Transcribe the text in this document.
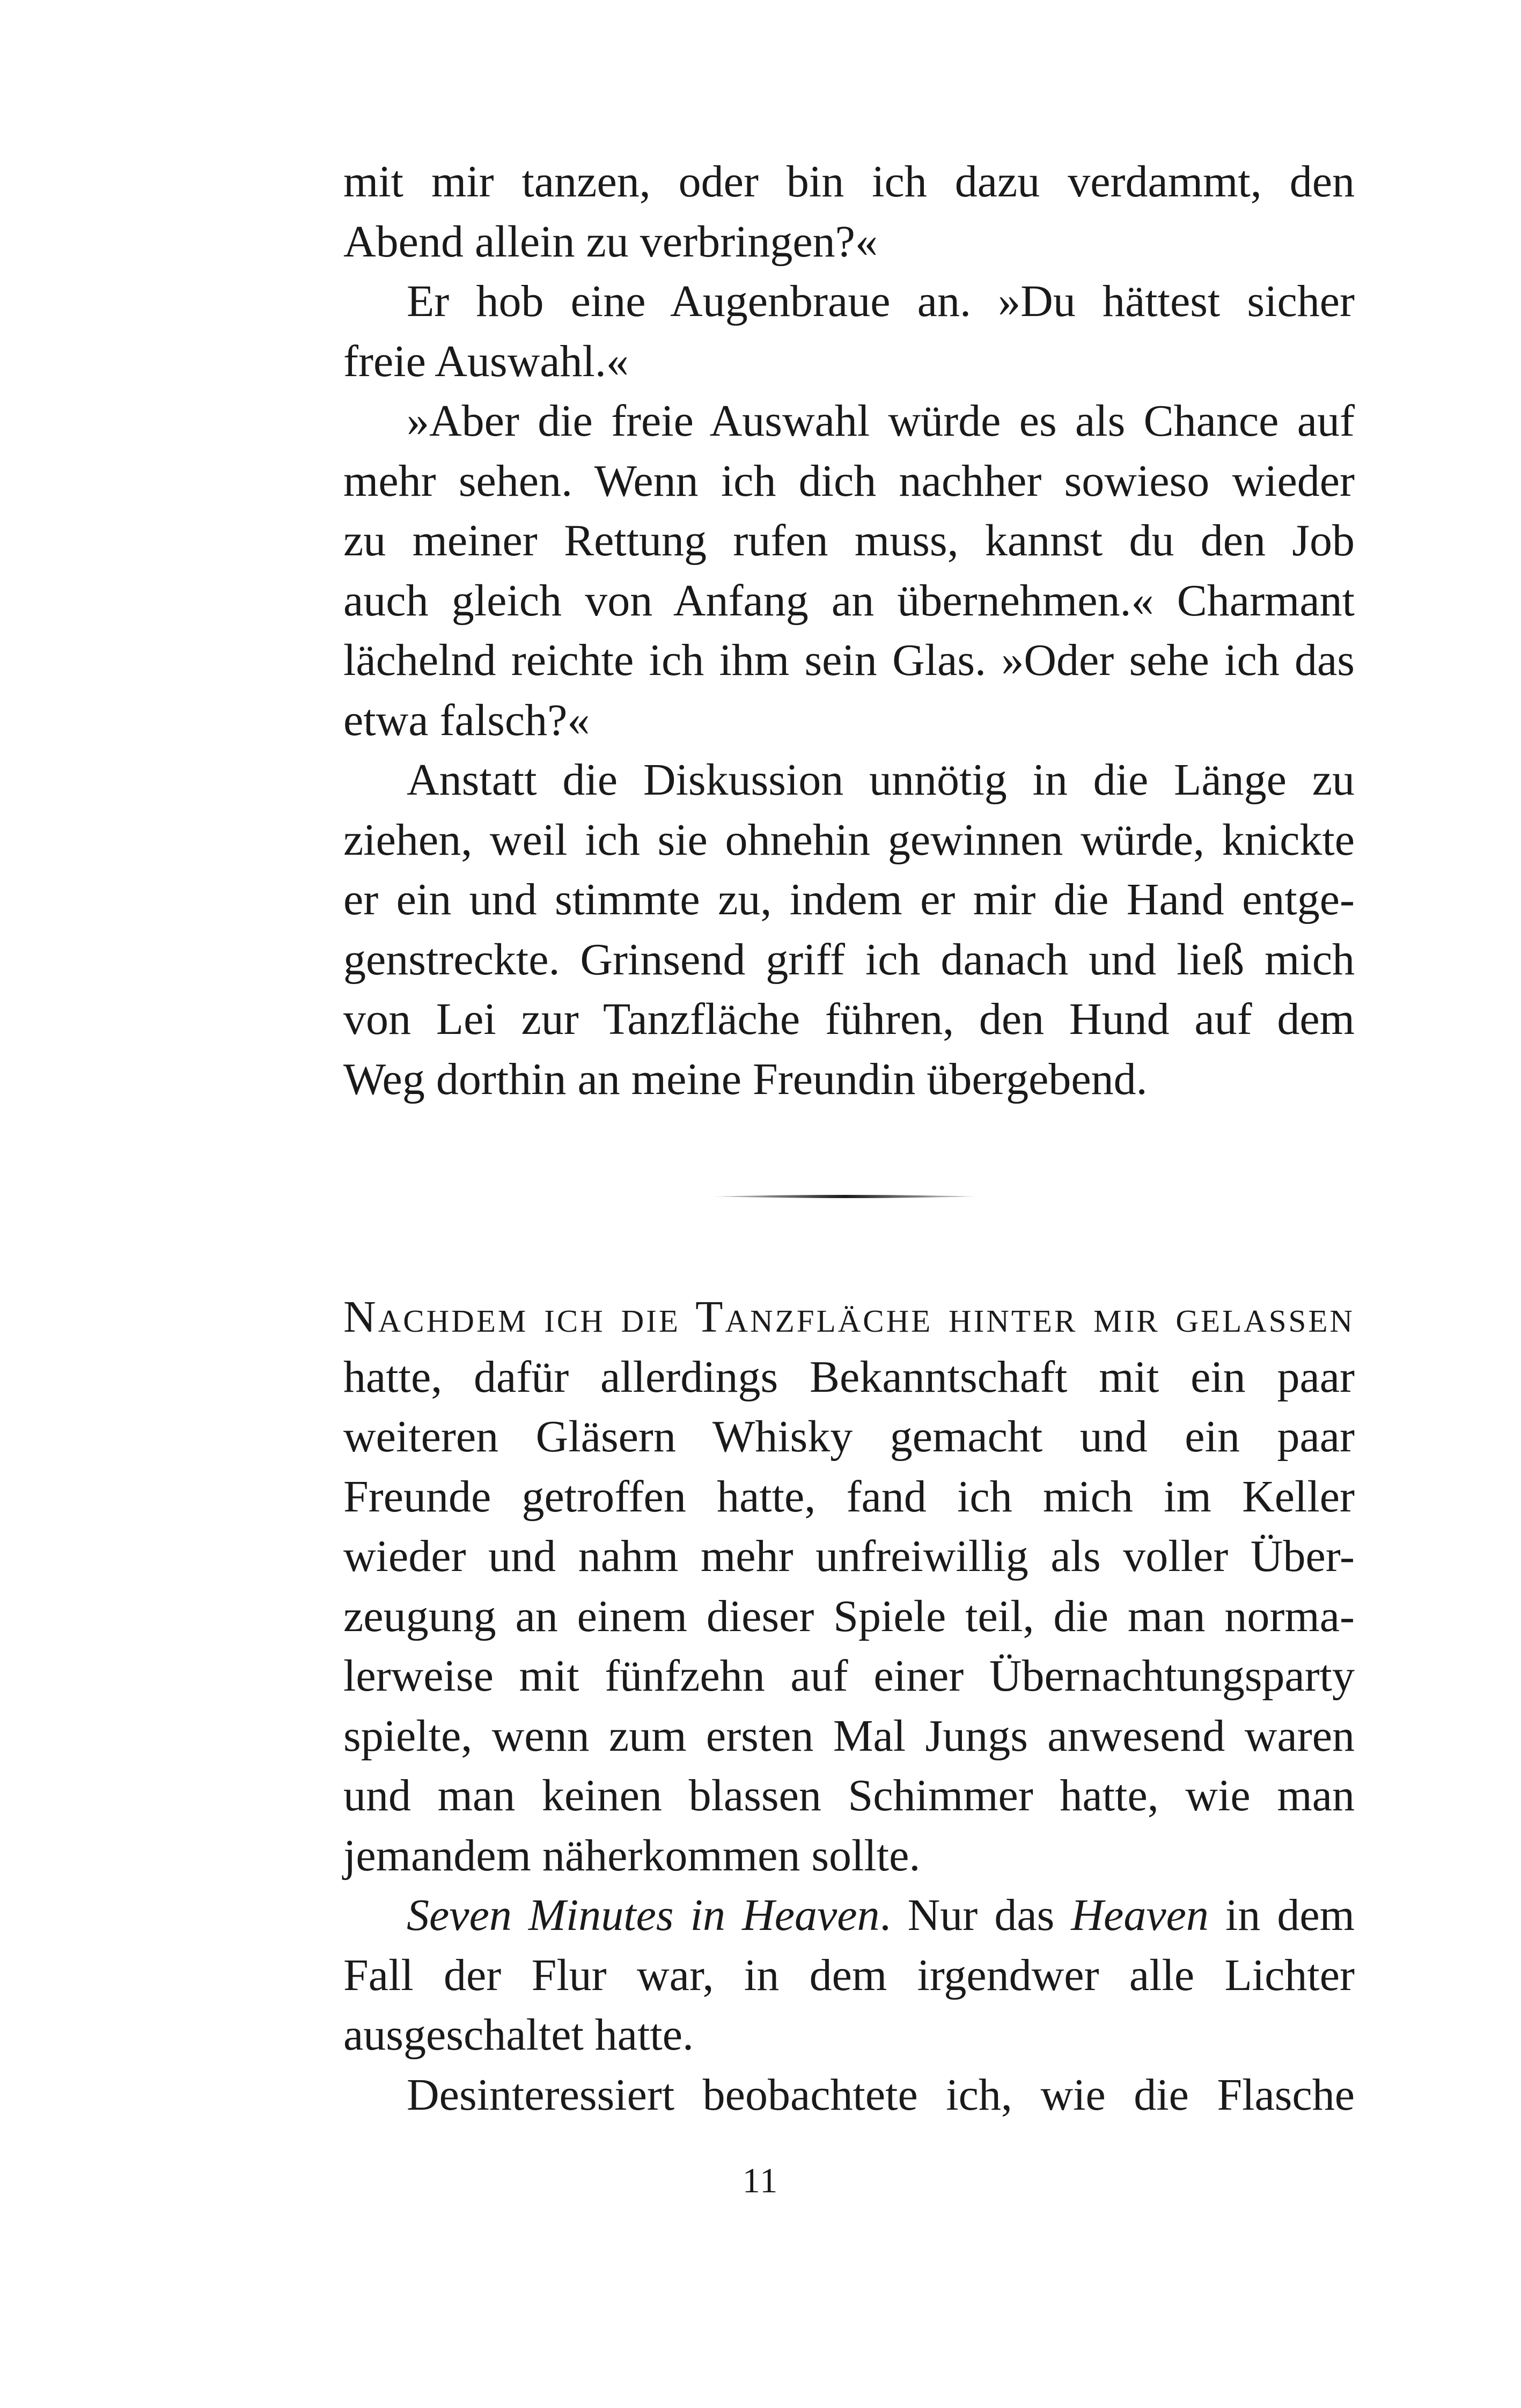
mit mir tanzen, oder bin ich dazu verdammt, den
Abend allein zu verbringen?«

Er hob eine Augenbraue an. »Du hättest sicher
freie Auswahl.«

»Aber die freie Auswahl würde es als Chance auf
mehr sehen. Wenn ich dich nachher sowieso wieder
zu meiner Rettung rufen muss, kannst du den Job
auch gleich von Anfang an übernehmen.« Charmant
lächelnd reichte ich ihm sein Glas. »Oder sehe ich das
etwa falsch?«

Anstatt die Diskussion unnötig in die Länge zu
ziehen, weil ich sie ohnehin gewinnen würde, knickte
er ein und stimmte zu, indem er mir die Hand entge-
genstreckte. Grinsend griff ich danach und ließ mich
von Lei zur Tanzfläche führen, den Hund auf dem
Weg dorthin an meine Freundin übergebend.

Nachdem ich die Tanzfläche hinter mir gelassen
hatte, dafür allerdings Bekanntschaft mit ein paar
weiteren Gläsern Whisky gemacht und ein paar
Freunde getroffen hatte, fand ich mich im Keller
wieder und nahm mehr unfreiwillig als voller Über-
zeugung an einem dieser Spiele teil, die man norma-
lerweise mit fünfzehn auf einer Übernachtungsparty
spielte, wenn zum ersten Mal Jungs anwesend waren
und man keinen blassen Schimmer hatte, wie man
jemandem näherkommen sollte.

Seven Minutes in Heaven. Nur das Heaven in dem
Fall der Flur war, in dem irgendwer alle Lichter
ausgeschaltet hatte.

Desinteressiert beobachtete ich, wie die Flasche

11
